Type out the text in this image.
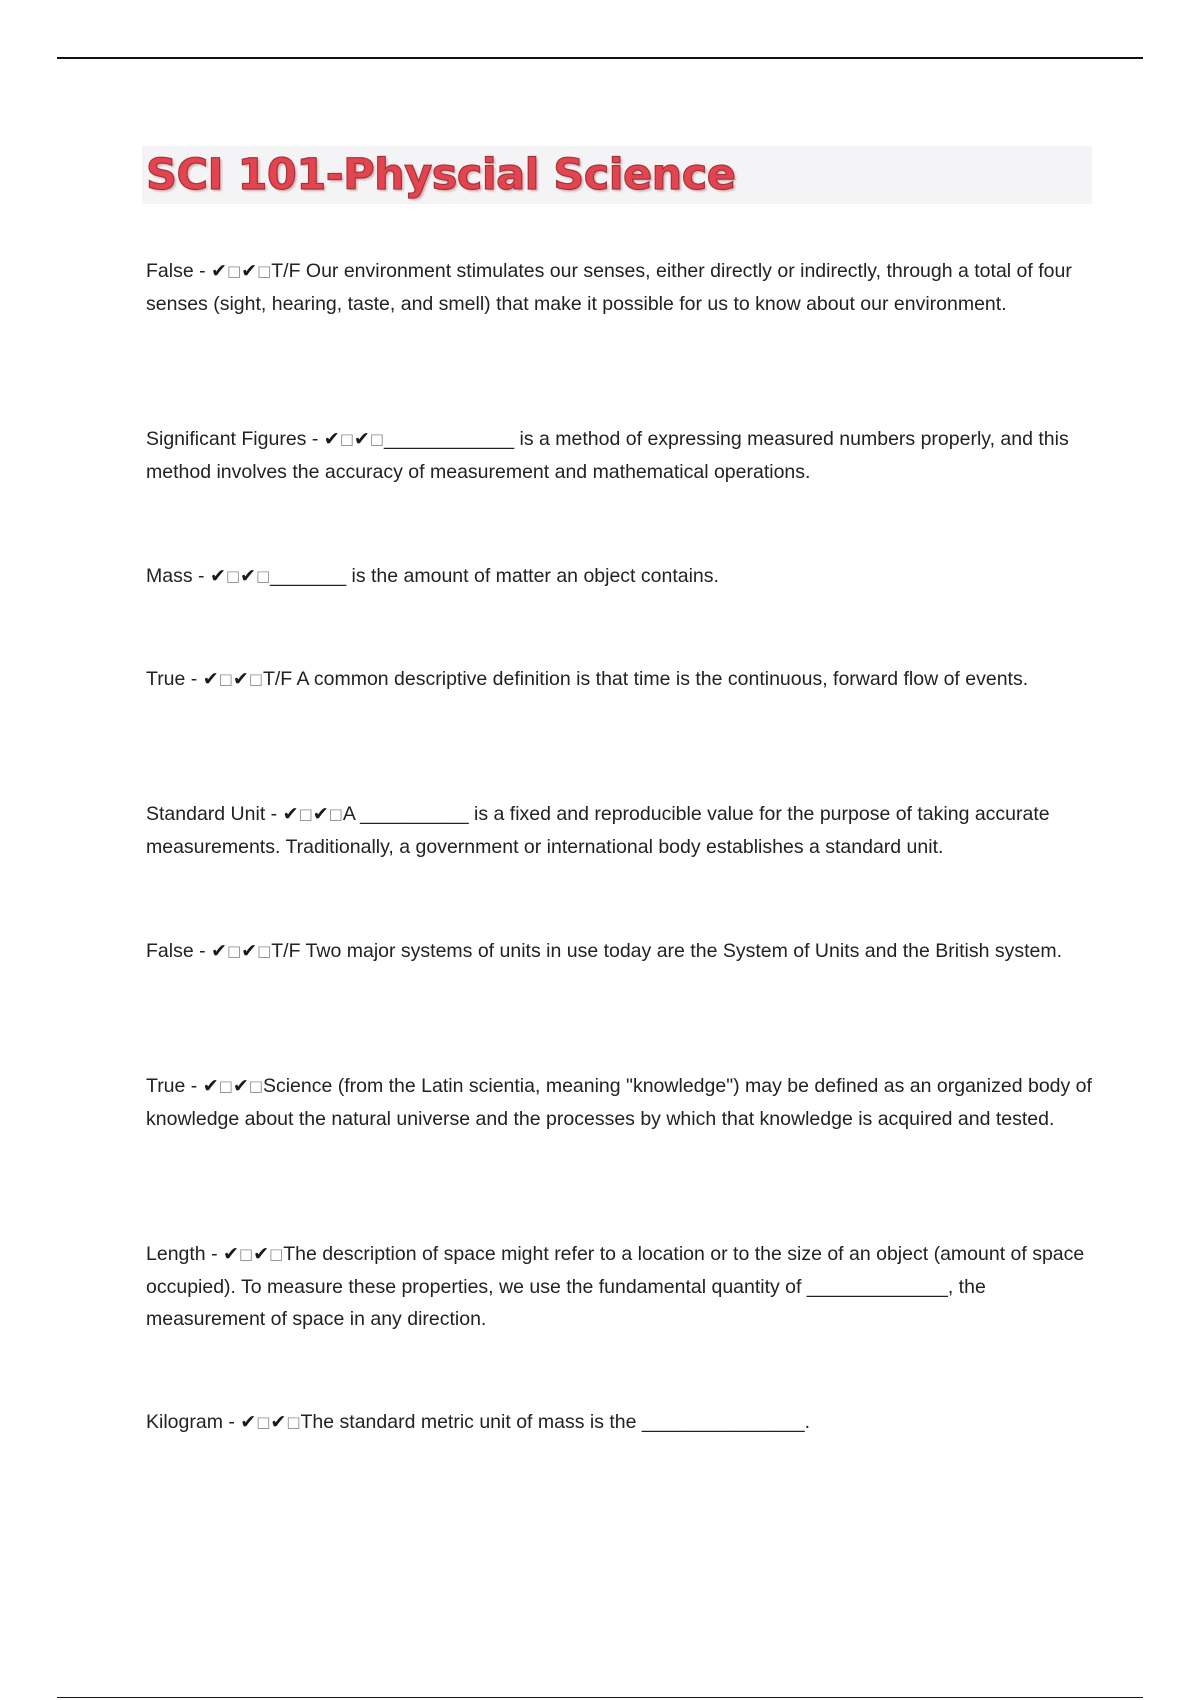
SCI 101-Physcial Science

False - ✔□✔□T/F Our environment stimulates our senses, either directly or indirectly, through a total of four senses (sight, hearing, taste, and smell) that make it possible for us to know about our environment.

Significant Figures - ✔□✔□____________ is a method of expressing measured numbers properly, and this method involves the accuracy of measurement and mathematical operations.

Mass - ✔□✔□_______ is the amount of matter an object contains.

True - ✔□✔□T/F A common descriptive definition is that time is the continuous, forward flow of events.

Standard Unit - ✔□✔□A __________ is a fixed and reproducible value for the purpose of taking accurate measurements. Traditionally, a government or international body establishes a standard unit.

False - ✔□✔□T/F Two major systems of units in use today are the System of Units and the British system.

True - ✔□✔□Science (from the Latin scientia, meaning "knowledge") may be defined as an organized body of knowledge about the natural universe and the processes by which that knowledge is acquired and tested.

Length - ✔□✔□The description of space might refer to a location or to the size of an object (amount of space occupied). To measure these properties, we use the fundamental quantity of _____________, the measurement of space in any direction.

Kilogram - ✔□✔□The standard metric unit of mass is the _______________.
